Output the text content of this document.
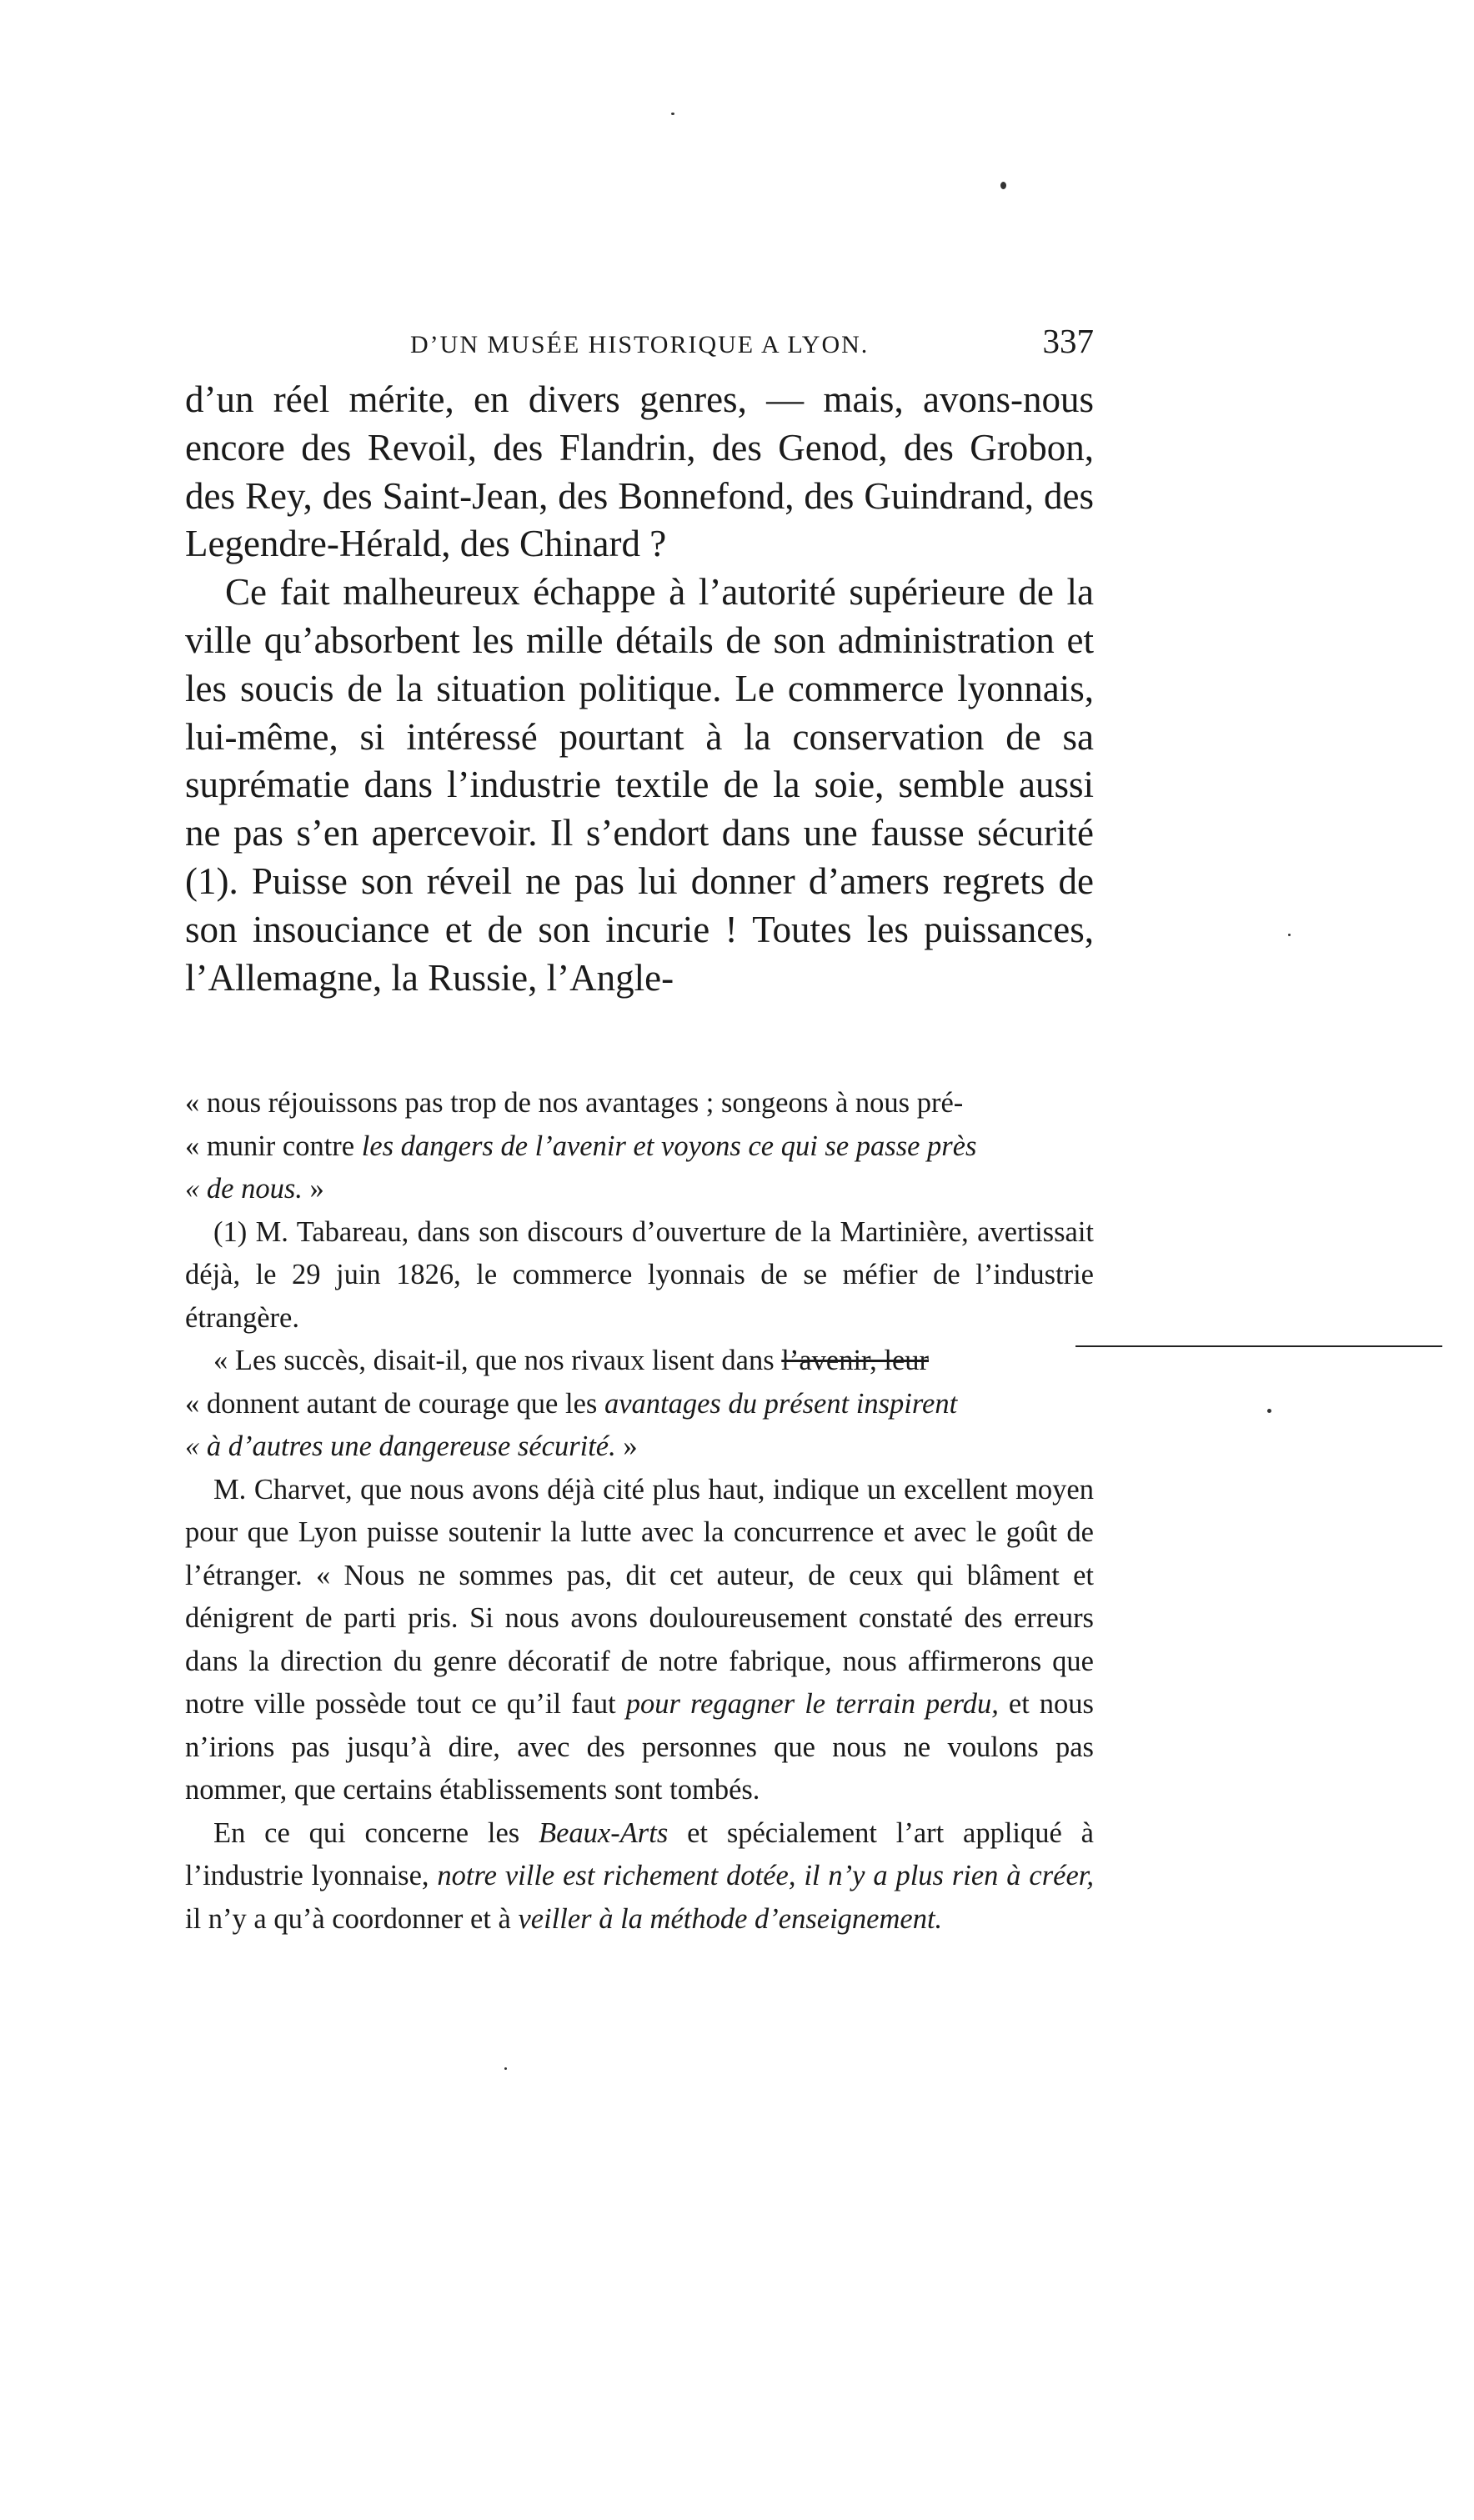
D’UN MUSÉE HISTORIQUE A LYON.	337

d’un réel mérite, en divers genres, — mais, avons-nous encore des Revoil, des Flandrin, des Genod, des Grobon, des Rey, des Saint-Jean, des Bonnefond, des Guindrand, des Legendre-Hérald, des Chinard ?

Ce fait malheureux échappe à l’autorité supérieure de la ville qu’absorbent les mille détails de son administration et les soucis de la situation politique. Le commerce lyonnais, lui-même, si intéressé pourtant à la conservation de sa suprématie dans l’industrie textile de la soie, semble aussi ne pas s’en apercevoir. Il s’endort dans une fausse sécurité (1). Puisse son réveil ne pas lui donner d’amers regrets de son insouciance et de son incurie ! Toutes les puissances, l’Allemagne, la Russie, l’Angle-

« nous réjouissons pas trop de nos avantages ; songeons à nous pré-
« munir contre les dangers de l’avenir et voyons ce qui se passe près
« de nous. »

(1) M. Tabareau, dans son discours d’ouverture de la Martinière, avertissait déjà, le 29 juin 1826, le commerce lyonnais de se méfier de l’industrie étrangère.

« Les succès, disait-il, que nos rivaux lisent dans l’avenir, leur
« donnent autant de courage que les avantages du présent inspirent
« à d’autres une dangereuse sécurité. »

M. Charvet, que nous avons déjà cité plus haut, indique un excellent moyen pour que Lyon puisse soutenir la lutte avec la concurrence et avec le goût de l’étranger. « Nous ne sommes pas, dit cet auteur, de ceux qui blâment et dénigrent de parti pris. Si nous avons douloureusement constaté des erreurs dans la direction du genre décoratif de notre fabrique, nous affirmerons que notre ville possède tout ce qu’il faut pour regagner le terrain perdu, et nous n’irions pas jusqu’à dire, avec des personnes que nous ne voulons pas nommer, que certains établissements sont tombés.

En ce qui concerne les Beaux-Arts et spécialement l’art appliqué à l’industrie lyonnaise, notre ville est richement dotée, il n’y a plus rien à créer, il n’y a qu’à coordonner et à veiller à la méthode d’enseignement.
